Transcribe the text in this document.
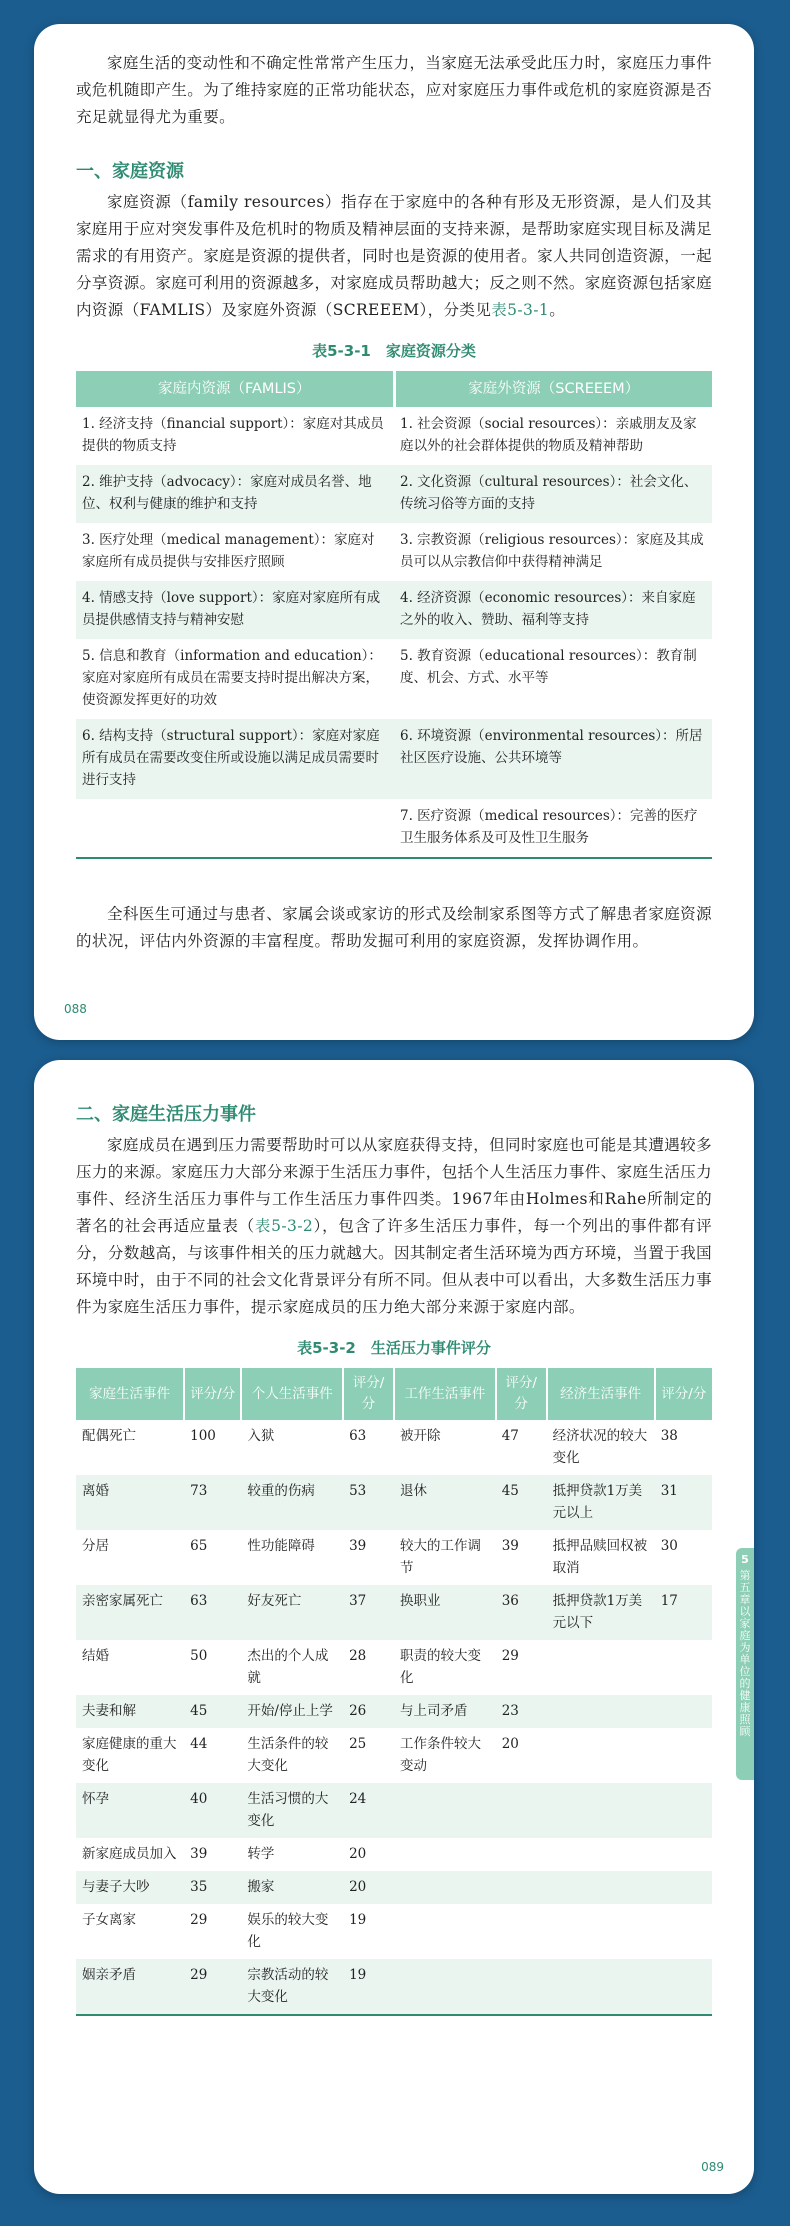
家庭生活的变动性和不确定性常常产生压力，当家庭无法承受此压力时，家庭压力事件或危机随即产生。为了维持家庭的正常功能状态，应对家庭压力事件或危机的家庭资源是否充足就显得尤为重要。

一、家庭资源

家庭资源（family resources）指存在于家庭中的各种有形及无形资源，是人们及其家庭用于应对突发事件及危机时的物质及精神层面的支持来源，是帮助家庭实现目标及满足需求的有用资产。家庭是资源的提供者，同时也是资源的使用者。家人共同创造资源，一起分享资源。家庭可利用的资源越多，对家庭成员帮助越大；反之则不然。家庭资源包括家庭内资源（FAMLIS）及家庭外资源（SCREEEM），分类见表5-3-1。

表5-3-1　家庭资源分类
家庭内资源（FAMLIS）	家庭外资源（SCREEEM）
1. 经济支持（financial support）：家庭对其成员提供的物质支持	1. 社会资源（social resources）：亲戚朋友及家庭以外的社会群体提供的物质及精神帮助
2. 维护支持（advocacy）：家庭对成员名誉、地位、权利与健康的维护和支持	2. 文化资源（cultural resources）：社会文化、传统习俗等方面的支持
3. 医疗处理（medical management）：家庭对家庭所有成员提供与安排医疗照顾	3. 宗教资源（religious resources）：家庭及其成员可以从宗教信仰中获得精神满足
4. 情感支持（love support）：家庭对家庭所有成员提供感情支持与精神安慰	4. 经济资源（economic resources）：来自家庭之外的收入、赞助、福利等支持
5. 信息和教育（information and education）：家庭对家庭所有成员在需要支持时提出解决方案，使资源发挥更好的功效	5. 教育资源（educational resources）：教育制度、机会、方式、水平等
6. 结构支持（structural support）：家庭对家庭所有成员在需要改变住所或设施以满足成员需要时进行支持	6. 环境资源（environmental resources）：所居社区医疗设施、公共环境等
	7. 医疗资源（medical resources）：完善的医疗卫生服务体系及可及性卫生服务

全科医生可通过与患者、家属会谈或家访的形式及绘制家系图等方式了解患者家庭资源的状况，评估内外资源的丰富程度。帮助发掘可利用的家庭资源，发挥协调作用。

088
二、家庭生活压力事件

家庭成员在遇到压力需要帮助时可以从家庭获得支持，但同时家庭也可能是其遭遇较多压力的来源。家庭压力大部分来源于生活压力事件，包括个人生活压力事件、家庭生活压力事件、经济生活压力事件与工作生活压力事件四类。1967年由Holmes和Rahe所制定的著名的社会再适应量表（表5-3-2），包含了许多生活压力事件，每一个列出的事件都有评分，分数越高，与该事件相关的压力就越大。因其制定者生活环境为西方环境，当置于我国环境中时，由于不同的社会文化背景评分有所不同。但从表中可以看出，大多数生活压力事件为家庭生活压力事件，提示家庭成员的压力绝大部分来源于家庭内部。

表5-3-2　生活压力事件评分
家庭生活事件	评分/分	个人生活事件	评分/分	工作生活事件	评分/分	经济生活事件	评分/分
配偶死亡	100	入狱	63	被开除	47	经济状况的较大变化	38
离婚	73	较重的伤病	53	退休	45	抵押贷款1万美元以上	31
分居	65	性功能障碍	39	较大的工作调节	39	抵押品赎回权被取消	30
亲密家属死亡	63	好友死亡	37	换职业	36	抵押贷款1万美元以下	17
结婚	50	杰出的个人成就	28	职责的较大变化	29		
夫妻和解	45	开始/停止上学	26	与上司矛盾	23		
家庭健康的重大变化	44	生活条件的较大变化	25	工作条件较大变动	20		
怀孕	40	生活习惯的大变化	24				
新家庭成员加入	39	转学	20				
与妻子大吵	35	搬家	20				
子女离家	29	娱乐的较大变化	19				
姻亲矛盾	29	宗教活动的较大变化	19				
5
第五章 以家庭为单位的健康照顾
089
